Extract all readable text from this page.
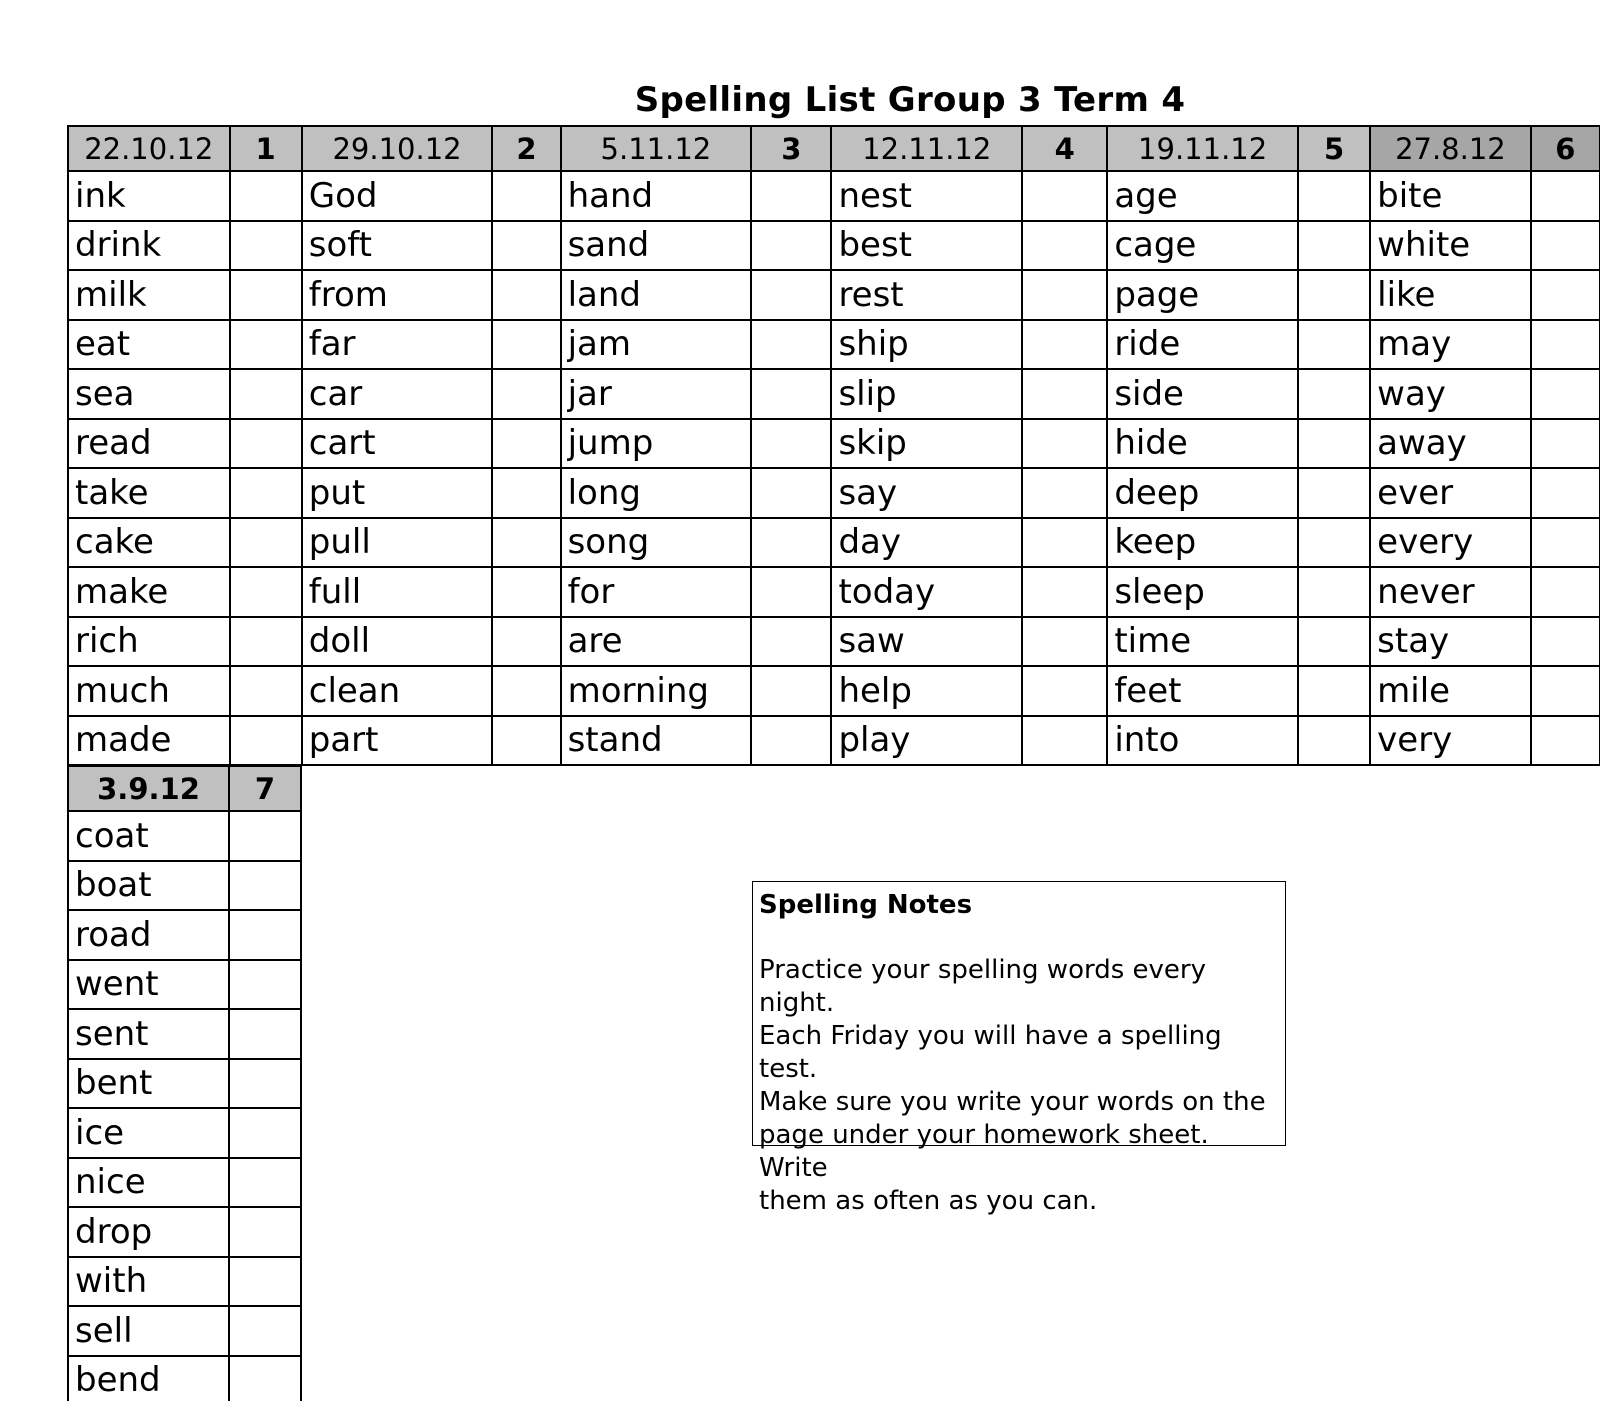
Spelling List Group 3 Term 4
22.10.12	1	29.10.12	2	5.11.12	3	12.11.12	4	19.11.12	5	27.8.12	6
ink		God		hand		nest		age		bite	
drink		soft		sand		best		cage		white	
milk		from		land		rest		page		like	
eat		far		jam		ship		ride		may	
sea		car		jar		slip		side		way	
read		cart		jump		skip		hide		away	
take		put		long		say		deep		ever	
cake		pull		song		day		keep		every	
make		full		for		today		sleep		never	
rich		doll		are		saw		time		stay	
much		clean		morning		help		feet		mile	
made		part		stand		play		into		very	
3.9.12	7
coat	
boat	
road	
went	
sent	
bent	
ice	
nice	
drop	
with	
sell	
bend	
Spelling Notes
Practice your spelling words every night.
Each Friday you will have a spelling test.
Make sure you write your words on the
page under your homework sheet. Write
them as often as you can.
